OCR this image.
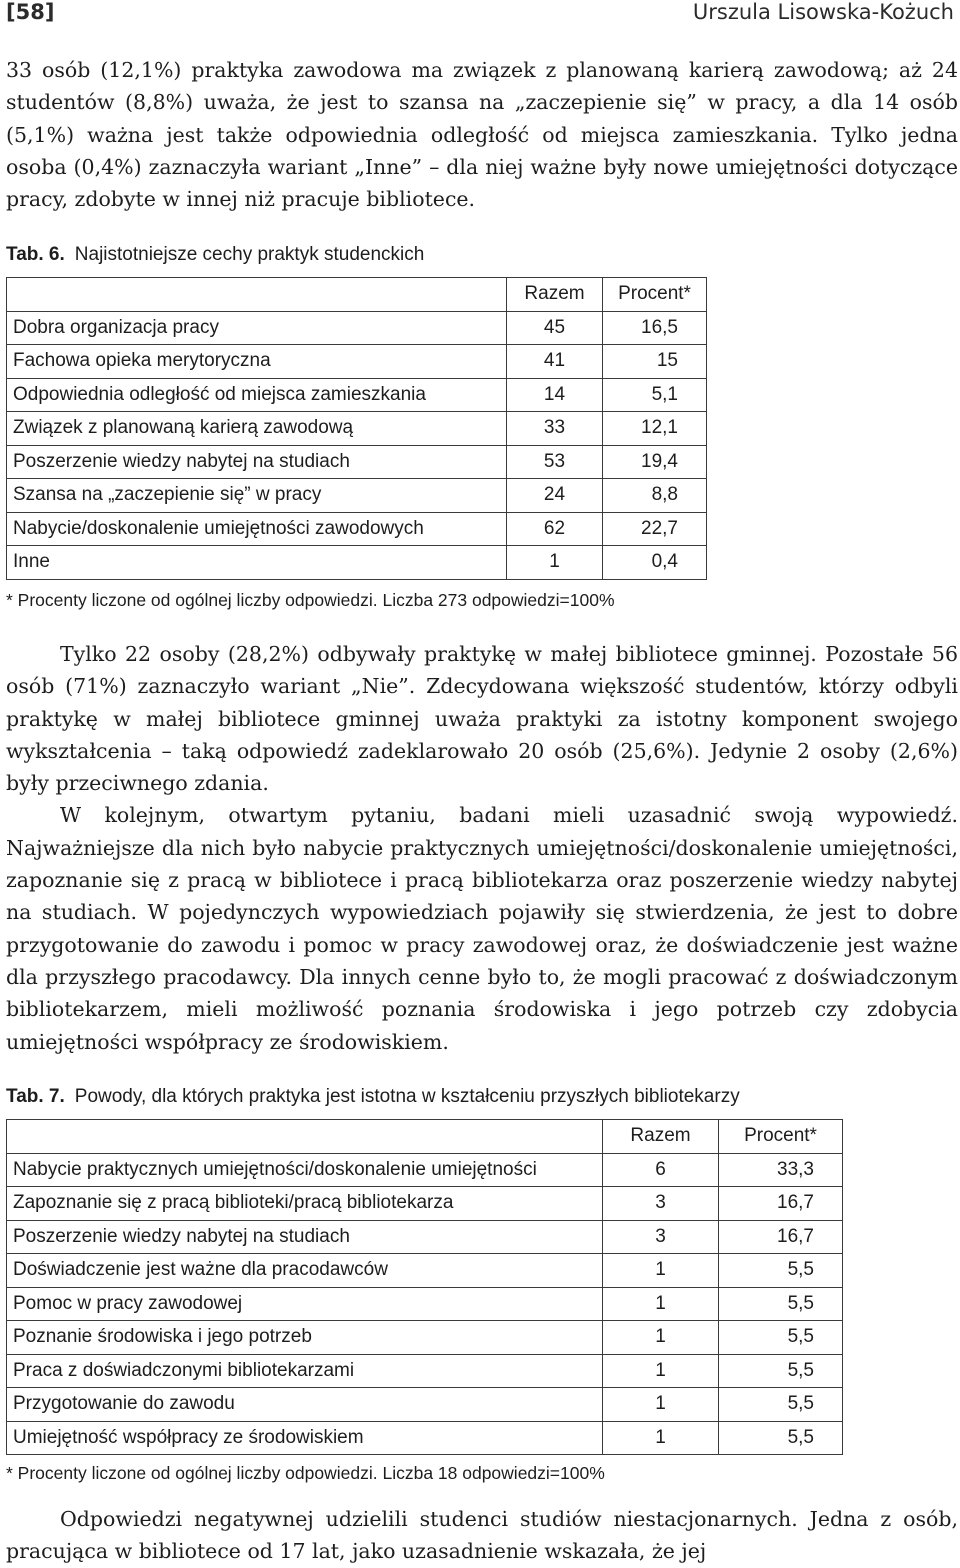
[58]	Urszula Lisowska-Kożuch

33 osób (12,1%) praktyka zawodowa ma związek z planowaną karierą zawodową; aż 24 studentów (8,8%) uważa, że jest to szansa na „zaczepienie się” w pracy, a dla 14 osób (5,1%) ważna jest także odpowiednia odległość od miejsca zamieszkania. Tylko jedna osoba (0,4%) zaznaczyła wariant „Inne” – dla niej ważne były nowe umiejętności dotyczące pracy, zdobyte w innej niż pracuje bibliotece.

Tab. 6. Najistotniejsze cechy praktyk studenckich
	Razem	Procent*
Dobra organizacja pracy	45	16,5
Fachowa opieka merytoryczna	41	15
Odpowiednia odległość od miejsca zamieszkania	14	5,1
Związek z planowaną karierą zawodową	33	12,1
Poszerzenie wiedzy nabytej na studiach	53	19,4
Szansa na „zaczepienie się” w pracy	24	8,8
Nabycie/doskonalenie umiejętności zawodowych	62	22,7
Inne	1	0,4
* Procenty liczone od ogólnej liczby odpowiedzi. Liczba 273 odpowiedzi=100%

Tylko 22 osoby (28,2%) odbywały praktykę w małej bibliotece gminnej. Pozostałe 56 osób (71%) zaznaczyło wariant „Nie”. Zdecydowana większość studentów, którzy odbyli praktykę w małej bibliotece gminnej uważa praktyki za istotny komponent swojego wykształcenia – taką odpowiedź zadeklarowało 20 osób (25,6%). Jedynie 2 osoby (2,6%) były przeciwnego zdania.

W kolejnym, otwartym pytaniu, badani mieli uzasadnić swoją wypowiedź. Najważniejsze dla nich było nabycie praktycznych umiejętności/doskonalenie umiejętności, zapoznanie się z pracą w bibliotece i pracą bibliotekarza oraz poszerzenie wiedzy nabytej na studiach. W pojedynczych wypowiedziach pojawiły się stwierdzenia, że jest to dobre przygotowanie do zawodu i pomoc w pracy zawodowej oraz, że doświadczenie jest ważne dla przyszłego pracodawcy. Dla innych cenne było to, że mogli pracować z doświadczonym bibliotekarzem, mieli możliwość poznania środowiska i jego potrzeb czy zdobycia umiejętności współpracy ze środowiskiem.

Tab. 7. Powody, dla których praktyka jest istotna w kształceniu przyszłych bibliotekarzy
	Razem	Procent*
Nabycie praktycznych umiejętności/doskonalenie umiejętności	6	33,3
Zapoznanie się z pracą biblioteki/pracą bibliotekarza	3	16,7
Poszerzenie wiedzy nabytej na studiach	3	16,7
Doświadczenie jest ważne dla pracodawców	1	5,5
Pomoc w pracy zawodowej	1	5,5
Poznanie środowiska i jego potrzeb	1	5,5
Praca z doświadczonymi bibliotekarzami	1	5,5
Przygotowanie do zawodu	1	5,5
Umiejętność współpracy ze środowiskiem	1	5,5
* Procenty liczone od ogólnej liczby odpowiedzi. Liczba 18 odpowiedzi=100%

Odpowiedzi negatywnej udzielili studenci studiów niestacjonarnych. Jedna z osób, pracująca w bibliotece od 17 lat, jako uzasadnienie wskazała, że jej
